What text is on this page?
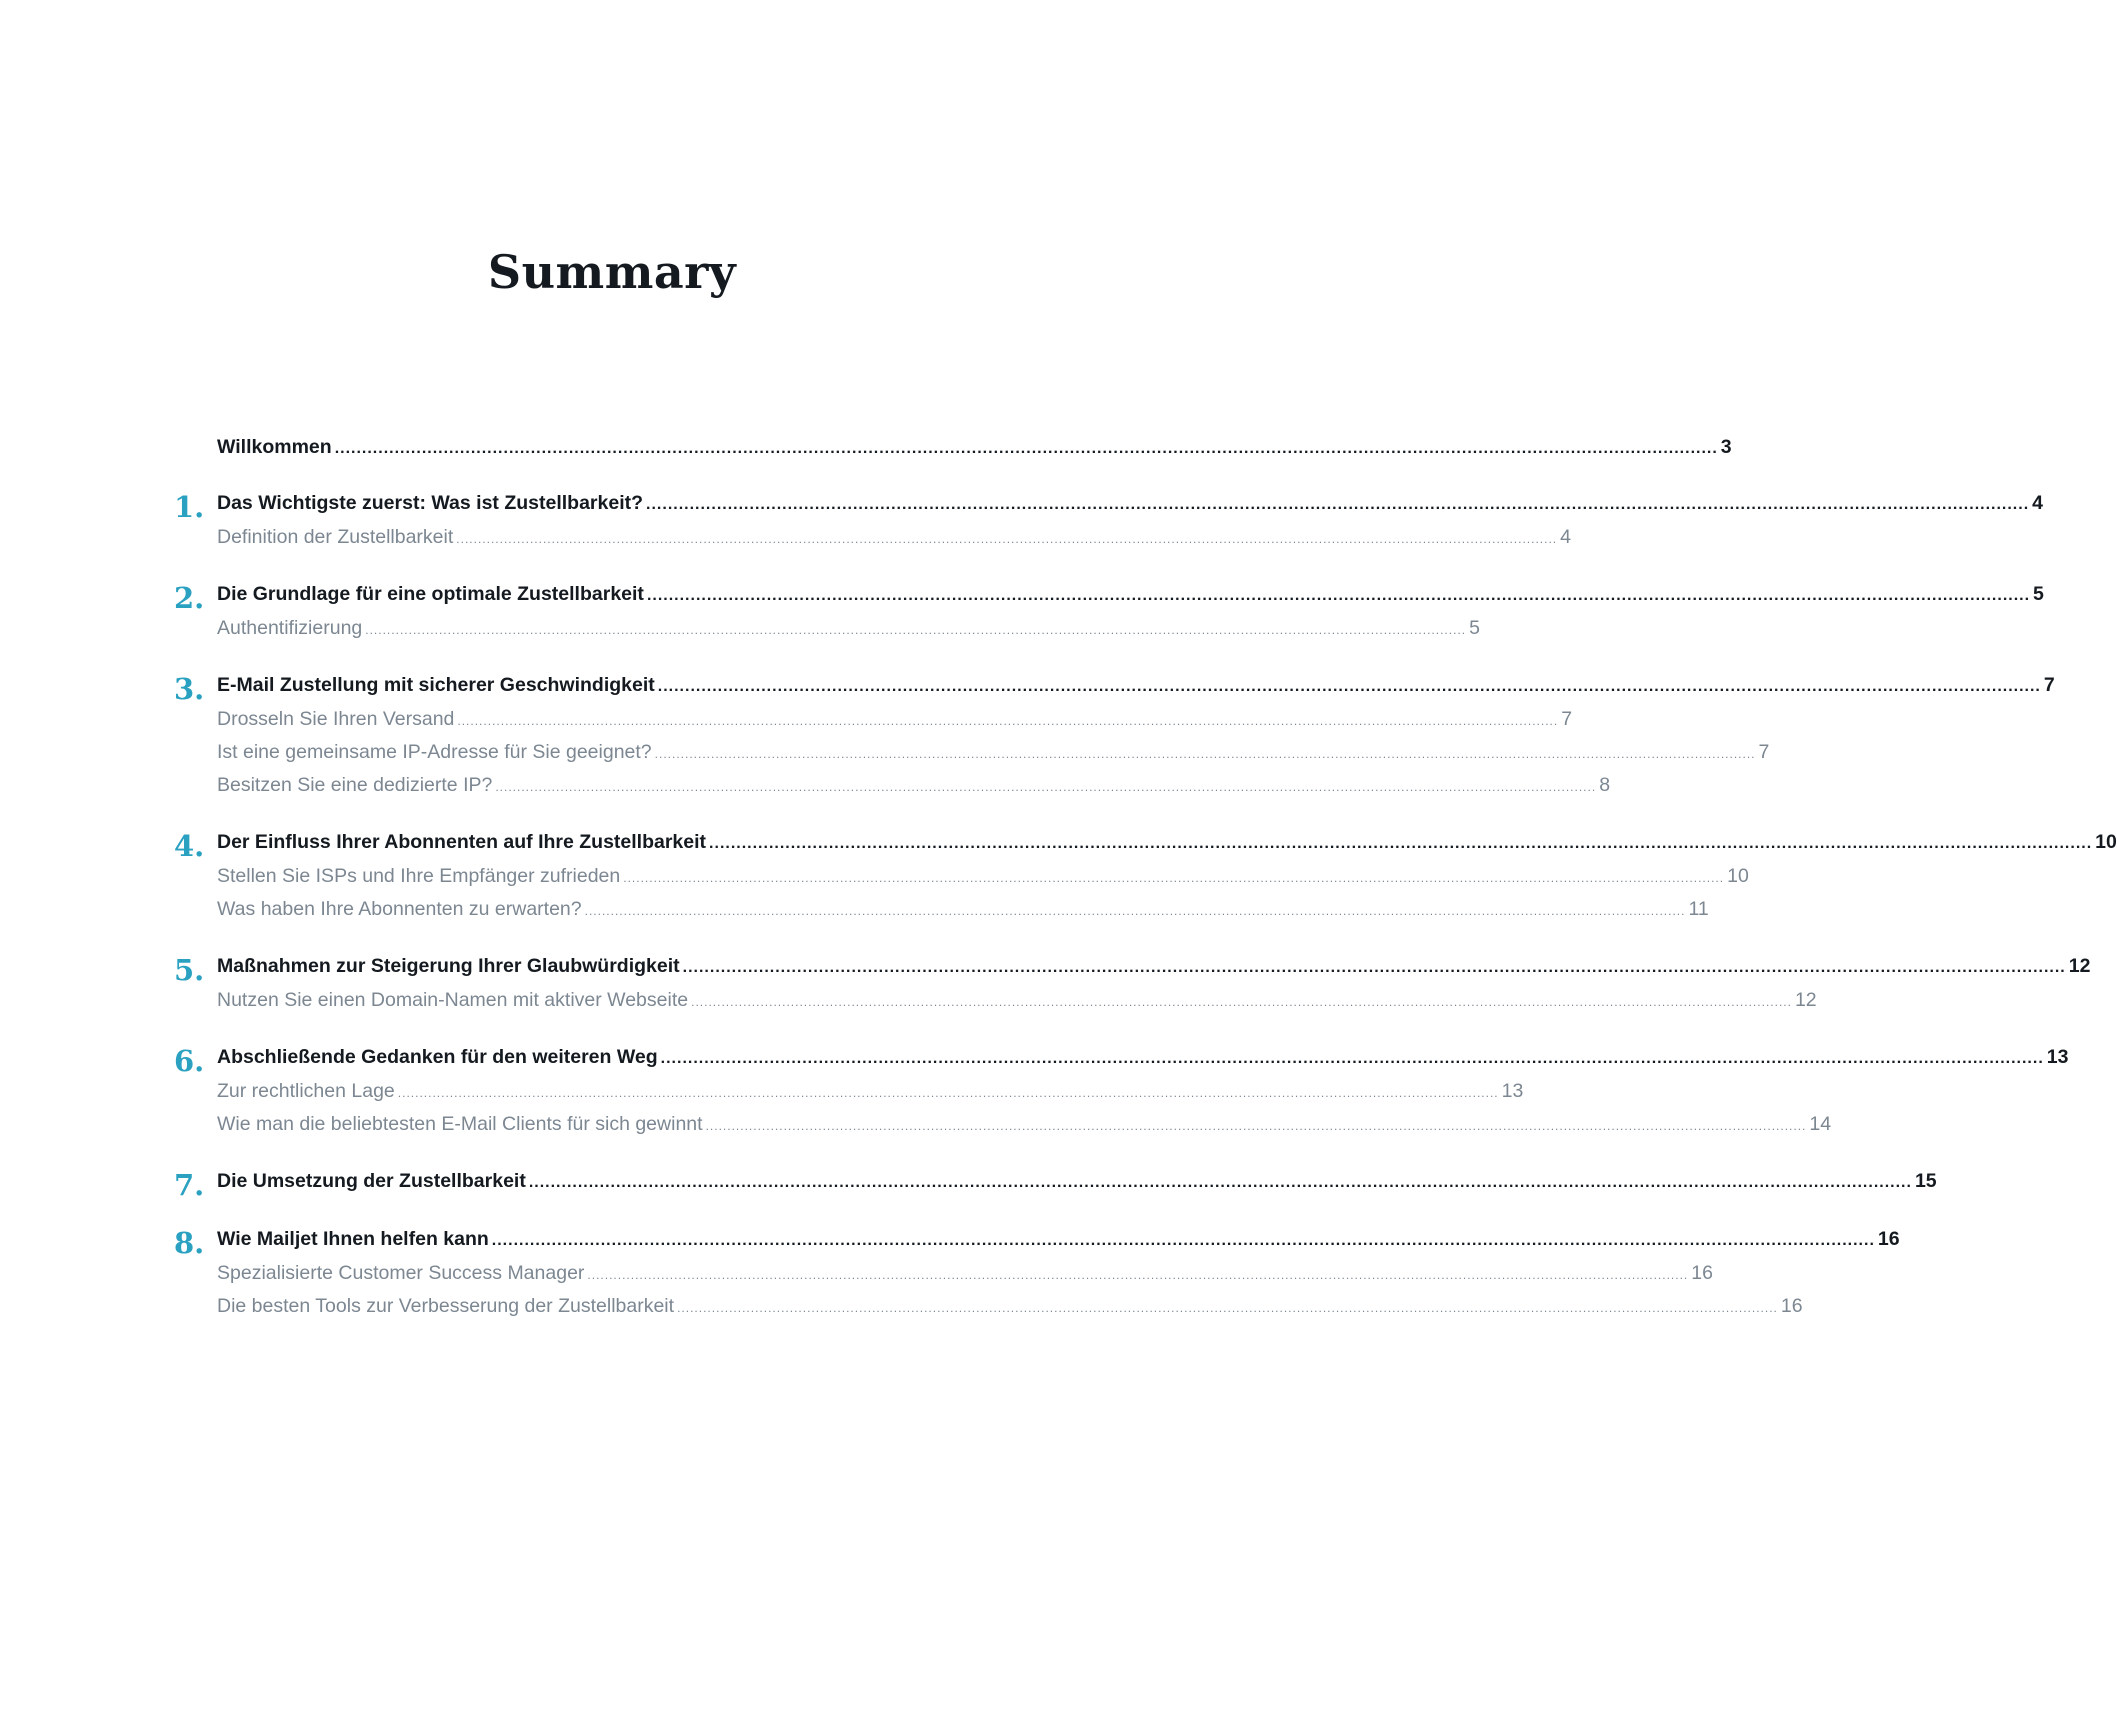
Summary
Willkommen .............................................................................................................................................................................................................................................................. 3
1. Das Wichtigste zuerst: Was ist Zustellbarkeit? .............................................................................................................................................................................................................................................................. 4
Definition der Zustellbarkeit .............................................................................................................................................................................................................................................................. 4
2. Die Grundlage für eine optimale Zustellbarkeit .............................................................................................................................................................................................................................................................. 5
Authentifizierung .............................................................................................................................................................................................................................................................. 5
3. E-Mail Zustellung mit sicherer Geschwindigkeit .............................................................................................................................................................................................................................................................. 7
Drosseln Sie Ihren Versand .............................................................................................................................................................................................................................................................. 7
Ist eine gemeinsame IP-Adresse für Sie geeignet? .............................................................................................................................................................................................................................................................. 7
Besitzen Sie eine dedizierte IP? .............................................................................................................................................................................................................................................................. 8
4. Der Einfluss Ihrer Abonnenten auf Ihre Zustellbarkeit .............................................................................................................................................................................................................................................................. 10
Stellen Sie ISPs und Ihre Empfänger zufrieden .............................................................................................................................................................................................................................................................. 10
Was haben Ihre Abonnenten zu erwarten? .............................................................................................................................................................................................................................................................. 11
5. Maßnahmen zur Steigerung Ihrer Glaubwürdigkeit .............................................................................................................................................................................................................................................................. 12
Nutzen Sie einen Domain-Namen mit aktiver Webseite .............................................................................................................................................................................................................................................................. 12
6. Abschließende Gedanken für den weiteren Weg .............................................................................................................................................................................................................................................................. 13
Zur rechtlichen Lage .............................................................................................................................................................................................................................................................. 13
Wie man die beliebtesten E-Mail Clients für sich gewinnt .............................................................................................................................................................................................................................................................. 14
7. Die Umsetzung der Zustellbarkeit .............................................................................................................................................................................................................................................................. 15
8. Wie Mailjet Ihnen helfen kann .............................................................................................................................................................................................................................................................. 16
Spezialisierte Customer Success Manager .............................................................................................................................................................................................................................................................. 16
Die besten Tools zur Verbesserung der Zustellbarkeit .............................................................................................................................................................................................................................................................. 16
